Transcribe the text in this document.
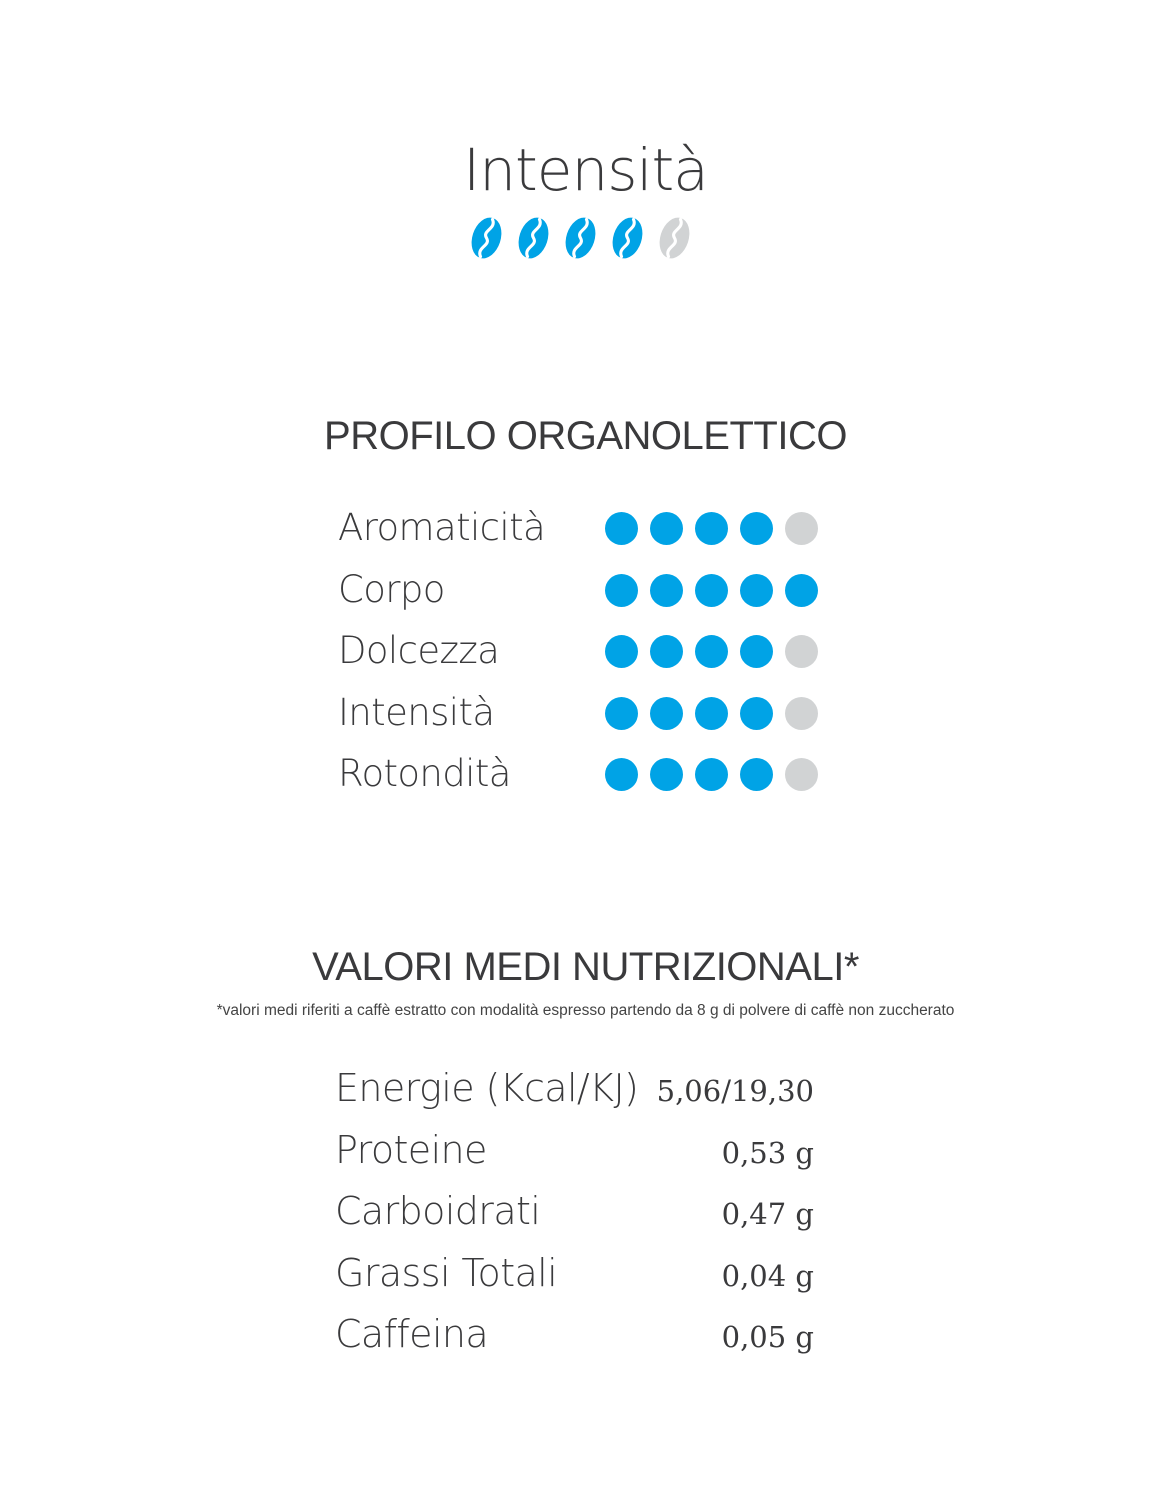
Intensità
PROFILO ORGANOLETTICO
Aromaticità
Corpo
Dolcezza
Intensità
Rotondità
VALORI MEDI NUTRIZIONALI*
*valori medi riferiti a caffè estratto con modalità espresso partendo da 8 g di polvere di caffè non zuccherato
Energie (Kcal/KJ) 5,06/19,30
Proteine	0,53 g
Carboidrati	0,47 g
Grassi Totali	0,04 g
Caffeina	0,05 g
